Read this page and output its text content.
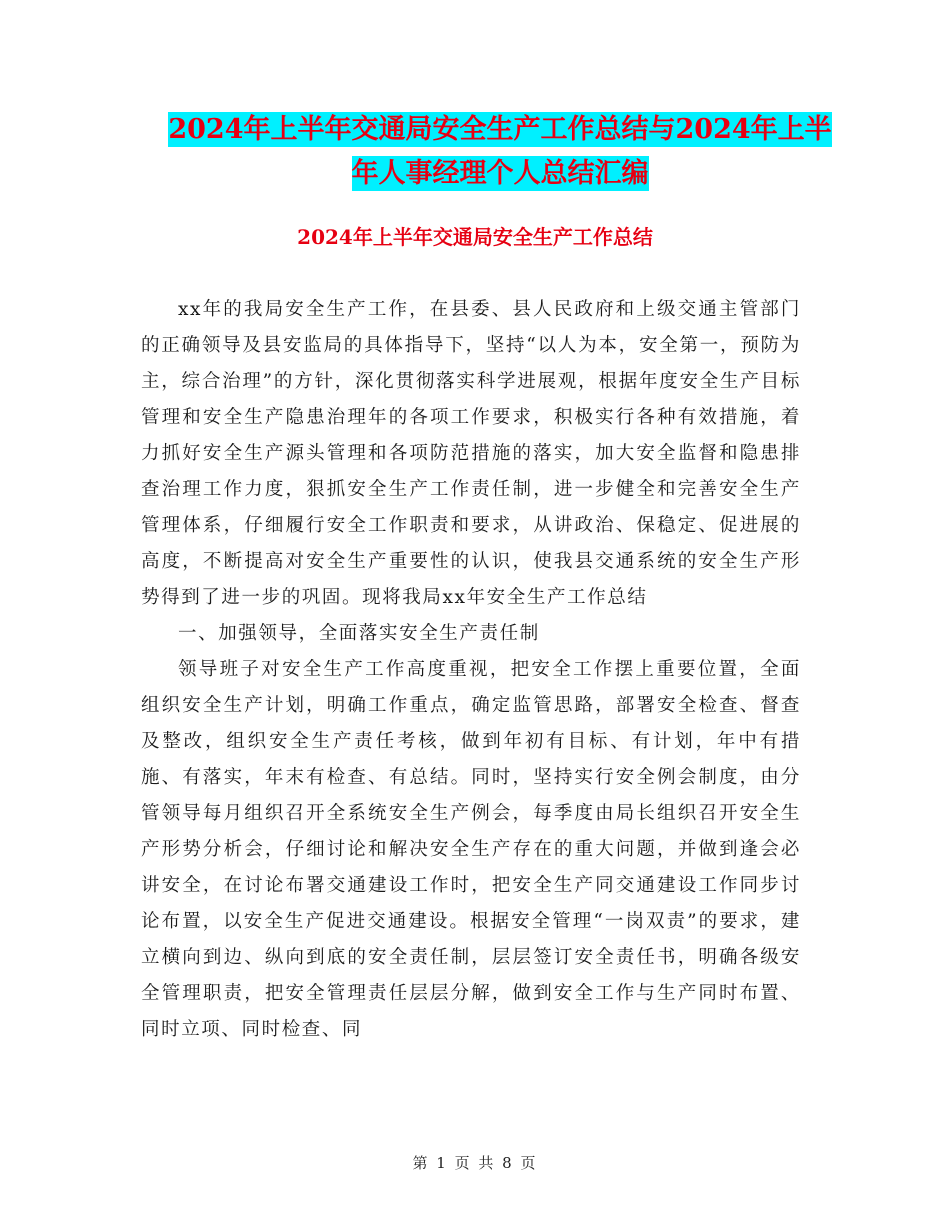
2024年上半年交通局安全生产工作总结与2024年上半
年人事经理个人总结汇编
2024年上半年交通局安全生产工作总结

xx年的我局安全生产工作，在县委、县人民政府和上级交通主管部门的正确领导及县安监局的具体指导下，坚持“以人为本，安全第一，预防为主，综合治理”的方针，深化贯彻落实科学进展观，根据年度安全生产目标管理和安全生产隐患治理年的各项工作要求，积极实行各种有效措施，着力抓好安全生产源头管理和各项防范措施的落实，加大安全监督和隐患排查治理工作力度，狠抓安全生产工作责任制，进一步健全和完善安全生产管理体系，仔细履行安全工作职责和要求，从讲政治、保稳定、促进展的高度，不断提高对安全生产重要性的认识，使我县交通系统的安全生产形势得到了进一步的巩固。现将我局xx年安全生产工作总结

一、加强领导，全面落实安全生产责任制

领导班子对安全生产工作高度重视，把安全工作摆上重要位置，全面组织安全生产计划，明确工作重点，确定监管思路，部署安全检查、督查及整改，组织安全生产责任考核，做到年初有目标、有计划，年中有措施、有落实，年末有检查、有总结。同时，坚持实行安全例会制度，由分管领导每月组织召开全系统安全生产例会，每季度由局长组织召开安全生产形势分析会，仔细讨论和解决安全生产存在的重大问题，并做到逢会必讲安全，在讨论布署交通建设工作时，把安全生产同交通建设工作同步讨论布置，以安全生产促进交通建设。根据安全管理“一岗双责”的要求，建立横向到边、纵向到底的安全责任制，层层签订安全责任书，明确各级安全管理职责，把安全管理责任层层分解，做到安全工作与生产同时布置、同时立项、同时检查、同

第 1 页 共 8 页
